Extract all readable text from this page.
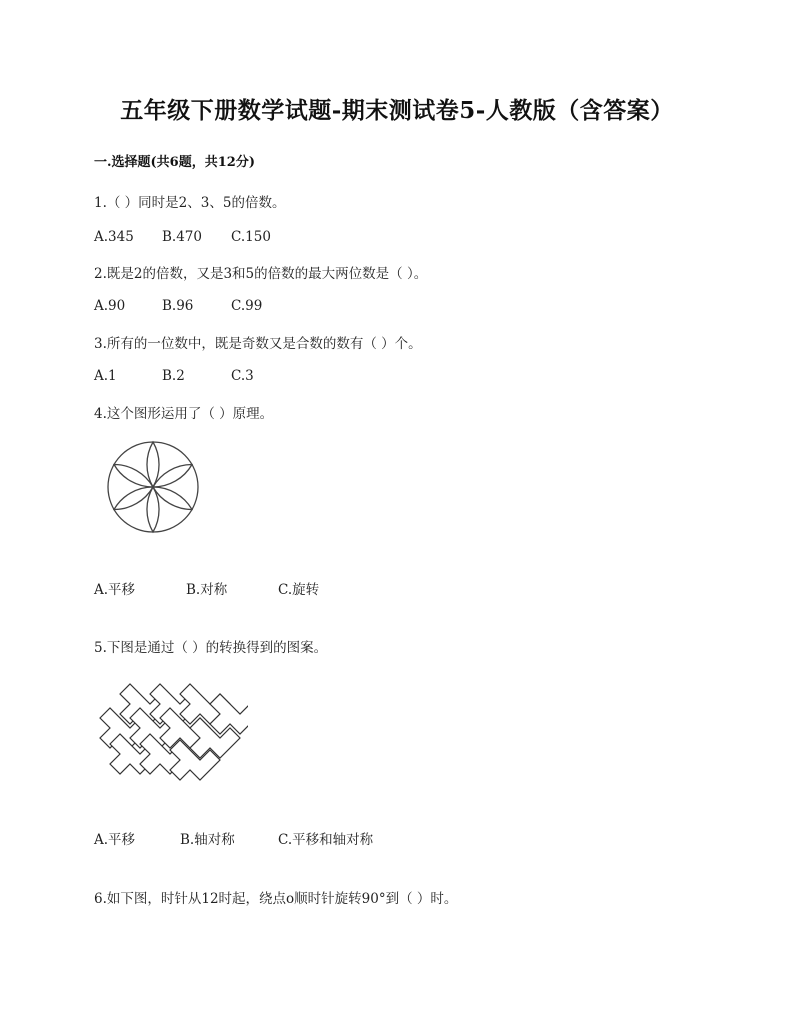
五年级下册数学试题-期末测试卷5-人教版（含答案）
一.选择题(共6题，共12分)
1.（ ）同时是2、3、5的倍数。
A.345 B.470 C.150
2.既是2的倍数，又是3和5的倍数的最大两位数是（ ）。
A.90	B.96	C.99
3.所有的一位数中，既是奇数又是合数的数有（ ）个。
A.1	B.2	C.3
4.这个图形运用了（ ）原理。
A.平移	B.对称	C.旋转
5.下图是通过（ ）的转换得到的图案。
A.平移	B.轴对称	C.平移和轴对称
6.如下图，时针从12时起，绕点o顺时针旋转90°到（ ）时。
